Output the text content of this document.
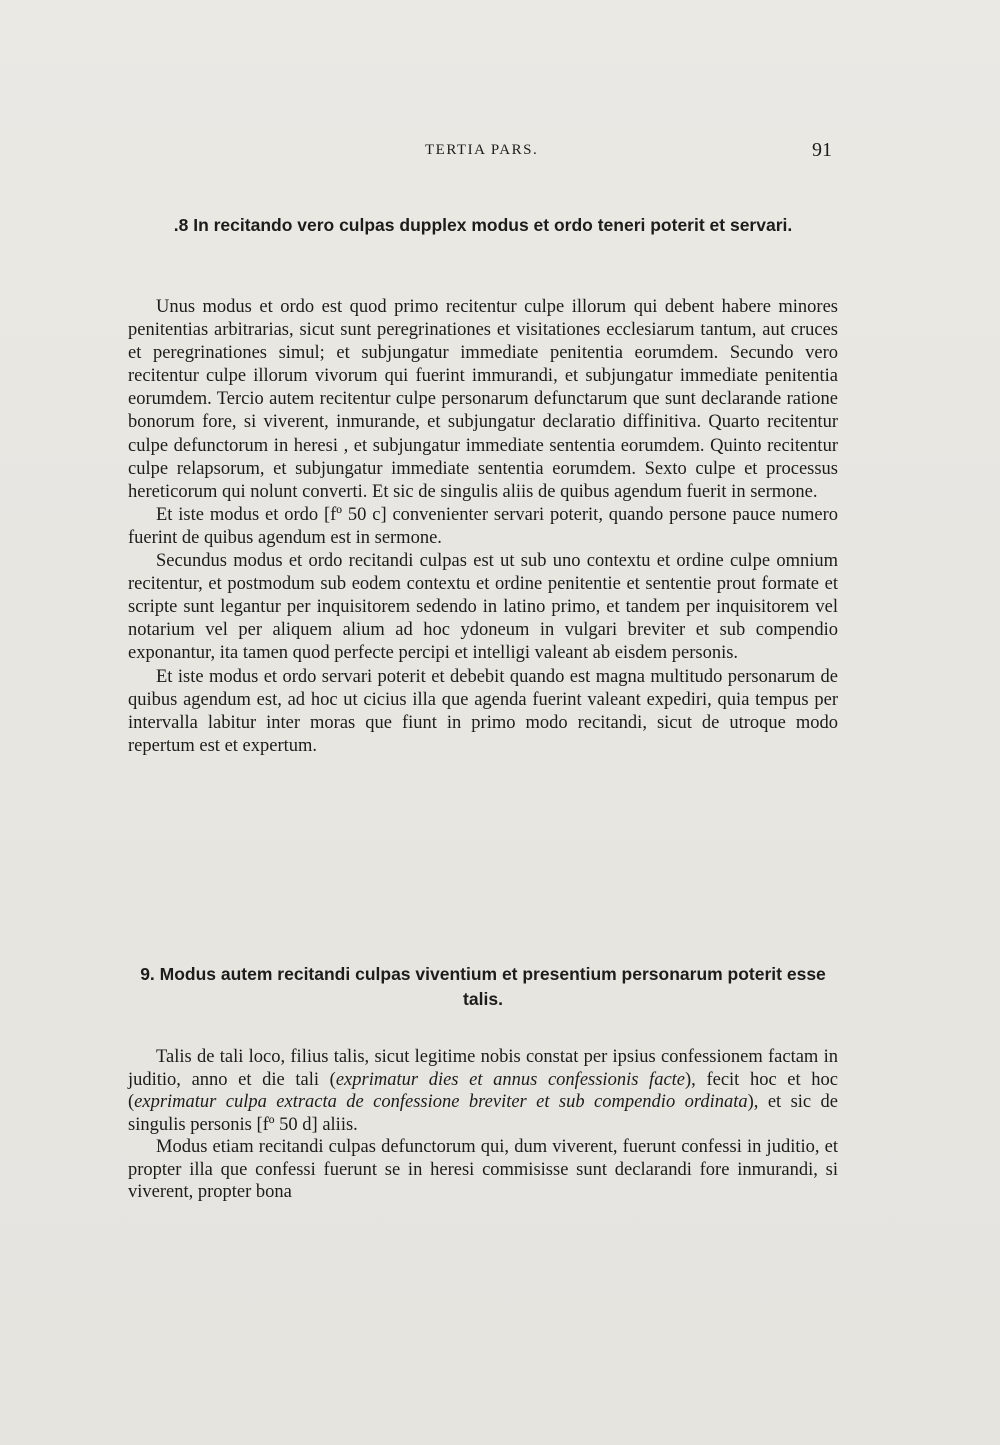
TERTIA PARS.	91
.8 In recitando vero culpas dupplex modus et ordo teneri poterit et servari.

Unus modus et ordo est quod primo recitentur culpe illorum qui debent habere minores penitentias arbitrarias, sicut sunt peregrinationes et visitationes ecclesiarum tantum, aut cruces et peregrinationes simul; et subjungatur immediate penitentia eorumdem. Secundo vero recitentur culpe illorum vivorum qui fuerint immurandi, et subjungatur immediate penitentia eorumdem. Tercio autem recitentur culpe personarum defunctarum que sunt declarande ratione bonorum fore, si viverent, inmurande, et subjungatur declaratio diffinitiva. Quarto recitentur culpe defunctorum in heresi , et subjungatur immediate sententia eorumdem. Quinto recitentur culpe relapsorum, et subjungatur immediate sententia eorumdem. Sexto culpe et processus hereticorum qui nolunt converti. Et sic de singulis aliis de quibus agendum fuerit in sermone.

Et iste modus et ordo [fº 50 c] convenienter servari poterit, quando persone pauce numero fuerint de quibus agendum est in sermone.

Secundus modus et ordo recitandi culpas est ut sub uno contextu et ordine culpe omnium recitentur, et postmodum sub eodem contextu et ordine penitentie et sententie prout formate et scripte sunt legantur per inquisitorem sedendo in latino primo, et tandem per inquisitorem vel notarium vel per aliquem alium ad hoc ydoneum in vulgari breviter et sub compendio exponantur, ita tamen quod perfecte percipi et intelligi valeant ab eisdem personis.

Et iste modus et ordo servari poterit et debebit quando est magna multitudo personarum de quibus agendum est, ad hoc ut cicius illa que agenda fuerint valeant expediri, quia tempus per intervalla labitur inter moras que fiunt in primo modo recitandi, sicut de utroque modo repertum est et expertum.

9. Modus autem recitandi culpas viventium et presentium personarum poterit esse talis.

Talis de tali loco, filius talis, sicut legitime nobis constat per ipsius confessionem factam in juditio, anno et die tali (exprimatur dies et annus confessionis facte), fecit hoc et hoc (exprimatur culpa extracta de confessione breviter et sub compendio ordinata), et sic de singulis personis [fº 50 d] aliis.

Modus etiam recitandi culpas defunctorum qui, dum viverent, fuerunt confessi in juditio, et propter illa que confessi fuerunt se in heresi commisisse sunt declarandi fore inmurandi, si viverent, propter bona
